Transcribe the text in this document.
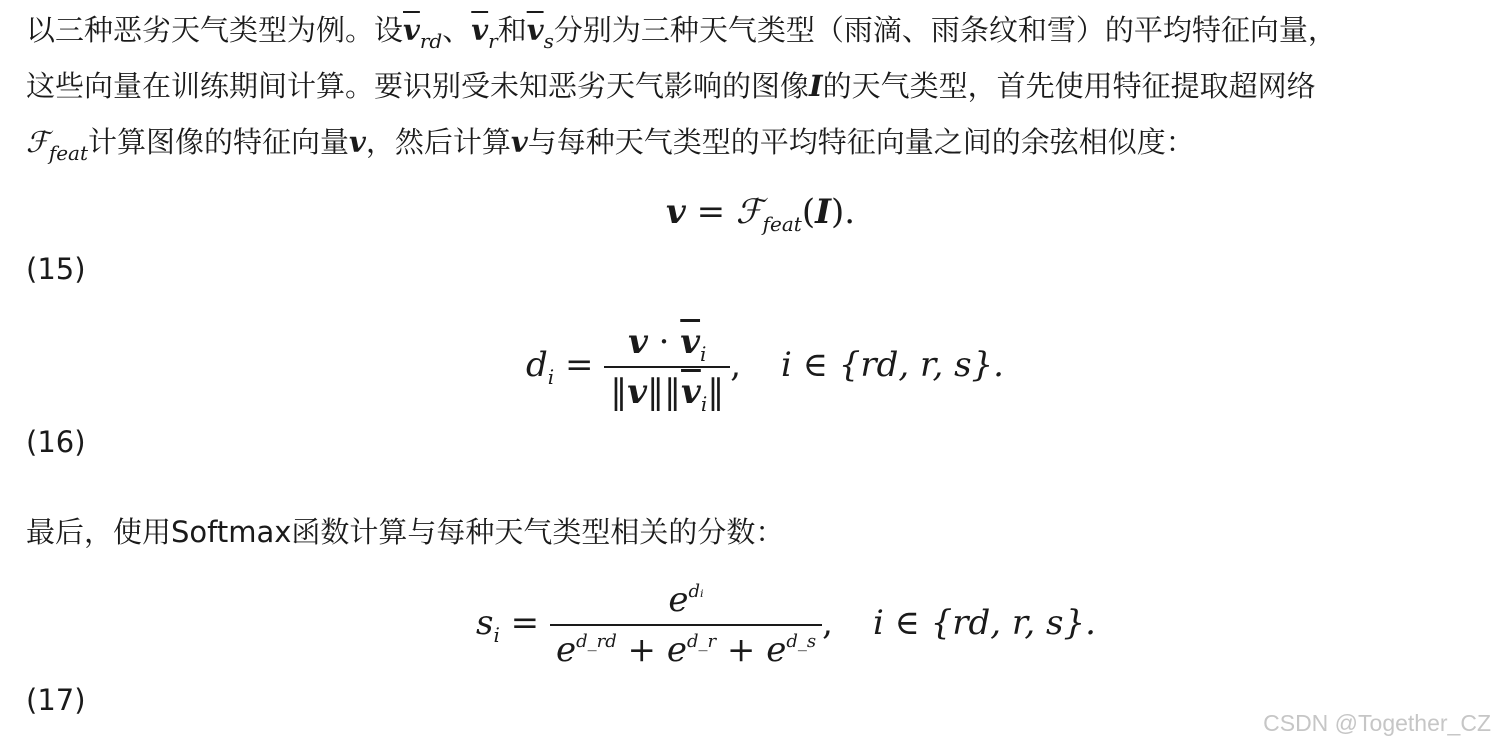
以三种恶劣天气类型为例。设$\overline{v}_{rd}$、$\overline{v}_r$和$\overline{v}_s$分别为三种天气类型（雨滴、雨条纹和雪）的平均特征向量，
这些向量在训练期间计算。要识别受未知恶劣天气影响的图像I的天气类型，首先使用特征提取超网络
ℱ$_{feat}$计算图像的特征向量v，然后计算v与每种天气类型的平均特征向量之间的余弦相似度：
v = ℱ$_{feat}$(I).
(15)
$d_i = \frac{v \cdot \overline{v}_i}{‖v‖‖\overline{v}_i‖}$ , i ∈ {rd, r, s}.
(16)
最后，使用Softmax函数计算与每种天气类型相关的分数：
$s_i = \frac{e^{dᵢ}}{e^{d\_rd} + e^{d\_r} + e^{d\_s}}$ , i ∈ {rd, r, s}.
(17)
CSDN @Together_CZ
